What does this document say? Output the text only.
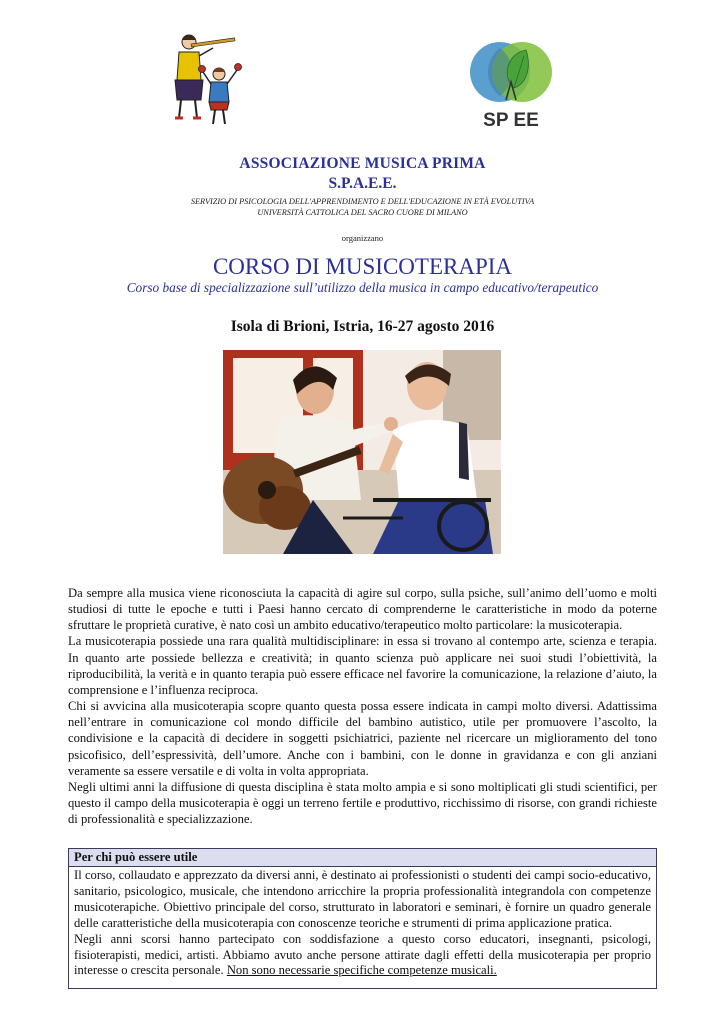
SP EE
ASSOCIAZIONE MUSICA PRIMA
S.P.A.E.E.
SERVIZIO DI PSICOLOGIA DELL'APPRENDIMENTO E DELL'EDUCAZIONE IN ETÀ EVOLUTIVA
UNIVERSITÀ CATTOLICA DEL SACRO CUORE DI MILANO
organizzano
CORSO DI MUSICOTERAPIA
Corso base di specializzazione sull’utilizzo della musica in campo educativo/terapeutico
Isola di Brioni, Istria, 16-27 agosto 2016

Da sempre alla musica viene riconosciuta la capacità di agire sul corpo, sulla psiche, sull’animo dell’uomo e molti studiosi di tutte le epoche e tutti i Paesi hanno cercato di comprenderne le caratteristiche in modo da poterne sfruttare le proprietà curative, è nato così un ambito educativo/terapeutico molto particolare: la musicoterapia.

La musicoterapia possiede una rara qualità multidisciplinare: in essa si trovano al contempo arte, scienza e terapia. In quanto arte possiede bellezza e creatività; in quanto scienza può applicare nei suoi studi l’obiettività, la riproducibilità, la verità e in quanto terapia può essere efficace nel favorire la comunicazione, la relazione d’aiuto, la comprensione e l’influenza reciproca.

Chi si avvicina alla musicoterapia scopre quanto questa possa essere indicata in campi molto diversi. Adattissima nell’entrare in comunicazione col mondo difficile del bambino autistico, utile per promuovere l’ascolto, la condivisione e la capacità di decidere in soggetti psichiatrici, paziente nel ricercare un miglioramento del tono psicofisico, dell’espressività, dell’umore. Anche con i bambini, con le donne in gravidanza e con gli anziani veramente sa essere versatile e di volta in volta appropriata.

Negli ultimi anni la diffusione di questa disciplina è stata molto ampia e si sono moltiplicati gli studi scientifici, per questo il campo della musicoterapia è oggi un terreno fertile e produttivo, ricchissimo di risorse, con grandi richieste di professionalità e specializzazione.

Per chi può essere utile

Il corso, collaudato e apprezzato da diversi anni, è destinato ai professionisti o studenti dei campi socio-educativo, sanitario, psicologico, musicale, che intendono arricchire la propria professionalità integrandola con competenze musicoterapiche. Obiettivo principale del corso, strutturato in laboratori e seminari, è fornire un quadro generale delle caratteristiche della musicoterapia con conoscenze teoriche e strumenti di prima applicazione pratica.

Negli anni scorsi hanno partecipato con soddisfazione a questo corso educatori, insegnanti, psicologi, fisioterapisti, medici, artisti. Abbiamo avuto anche persone attirate dagli effetti della musicoterapia per proprio interesse o crescita personale. Non sono necessarie specifiche competenze musicali.
